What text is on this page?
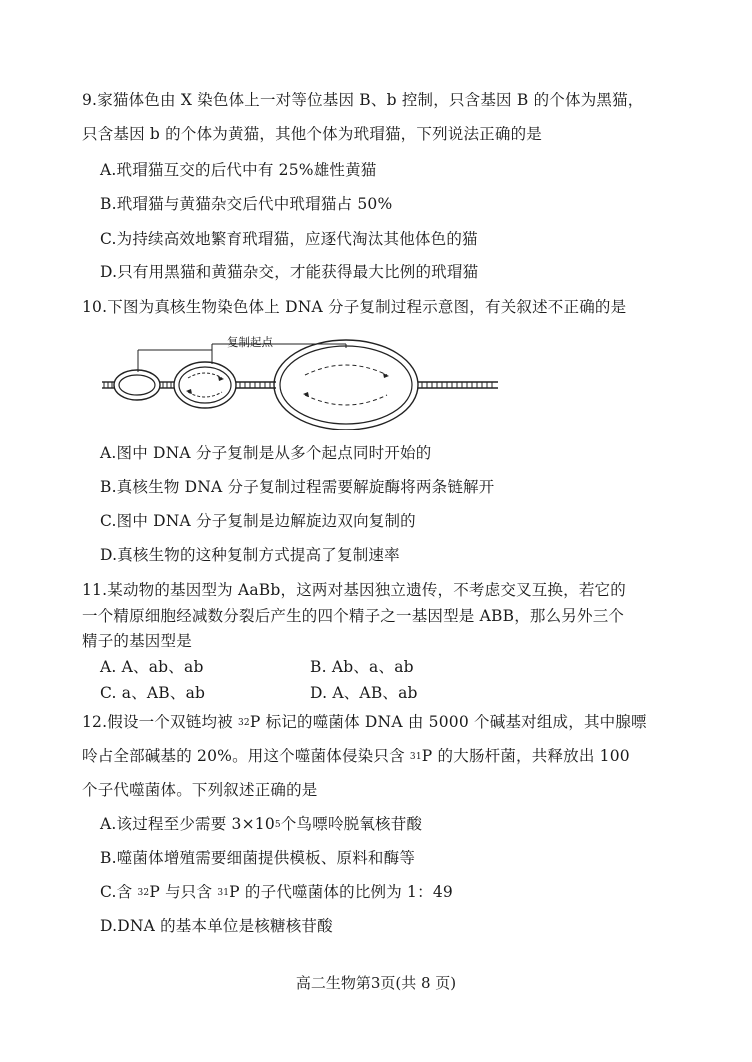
9.家猫体色由 X 染色体上一对等位基因 B、b 控制，只含基因 B 的个体为黑猫，
只含基因 b 的个体为黄猫，其他个体为玳瑁猫，下列说法正确的是
A.玳瑁猫互交的后代中有 25%雄性黄猫
B.玳瑁猫与黄猫杂交后代中玳瑁猫占 50%
C.为持续高效地繁育玳瑁猫，应逐代淘汰其他体色的猫
D.只有用黑猫和黄猫杂交，才能获得最大比例的玳瑁猫
10.下图为真核生物染色体上 DNA 分子复制过程示意图，有关叙述不正确的是
复制起点
A.图中 DNA 分子复制是从多个起点同时开始的
B.真核生物 DNA 分子复制过程需要解旋酶将两条链解开
C.图中 DNA 分子复制是边解旋边双向复制的
D.真核生物的这种复制方式提高了复制速率
11.某动物的基因型为 AaBb，这两对基因独立遗传，不考虑交叉互换，若它的
一个精原细胞经减数分裂后产生的四个精子之一基因型是 ABB，那么另外三个
精子的基因型是
A. A、ab、ab	B. Ab、a、ab
C. a、AB、ab	D. A、AB、ab
12.假设一个双链均被 $^{32}$P 标记的噬菌体 DNA 由 5000 个碱基对组成，其中腺嘌
呤占全部碱基的 20%。用这个噬菌体侵染只含 $^{31}$P 的大肠杆菌，共释放出 100
个子代噬菌体。下列叙述正确的是
A.该过程至少需要 $3\times 10^5$个鸟嘌呤脱氧核苷酸
B.噬菌体增殖需要细菌提供模板、原料和酶等
C.含 $^{32}$P 与只含 $^{31}$P 的子代噬菌体的比例为 1：49
D.DNA 的基本单位是核糖核苷酸
高二生物第3页(共 8 页)
